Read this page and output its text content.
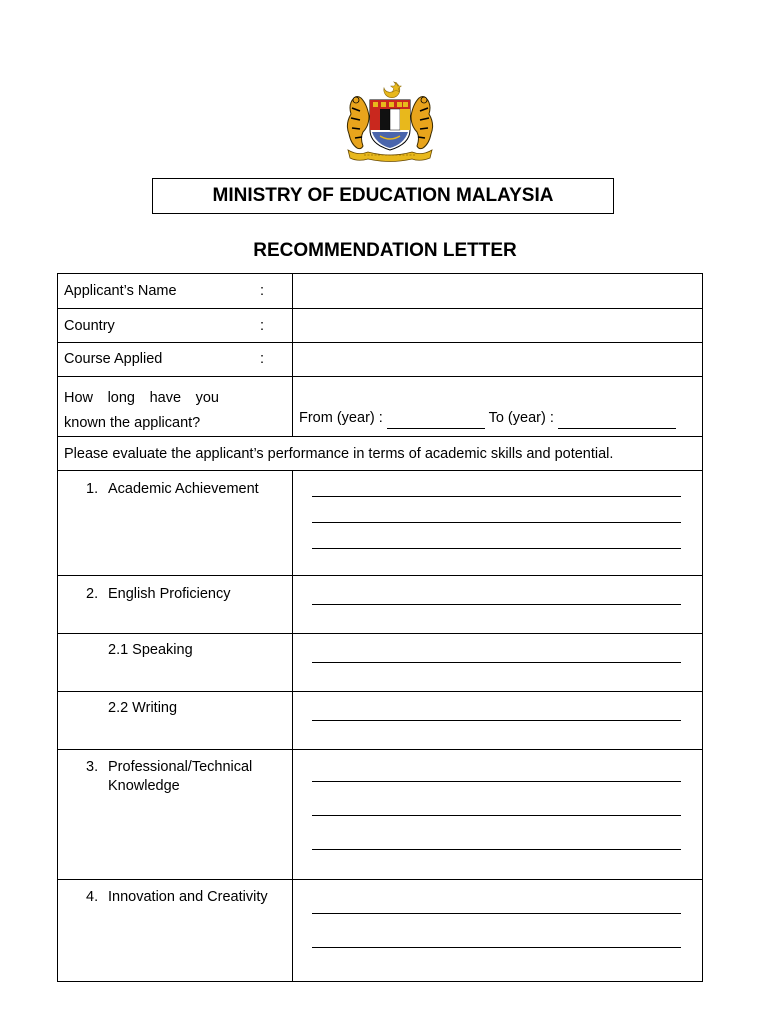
MINISTRY OF EDUCATION MALAYSIA
RECOMMENDATION LETTER
Applicant’s Name	:
Country	:
Course Applied	:
How long have you
known the applicant?	From (year) :	To (year) :
Please evaluate the applicant’s performance in terms of academic skills and potential.
1. Academic Achievement
2. English Proficiency
2.1 Speaking
2.2 Writing
3. Professional/Technical
Knowledge
4. Innovation and Creativity
